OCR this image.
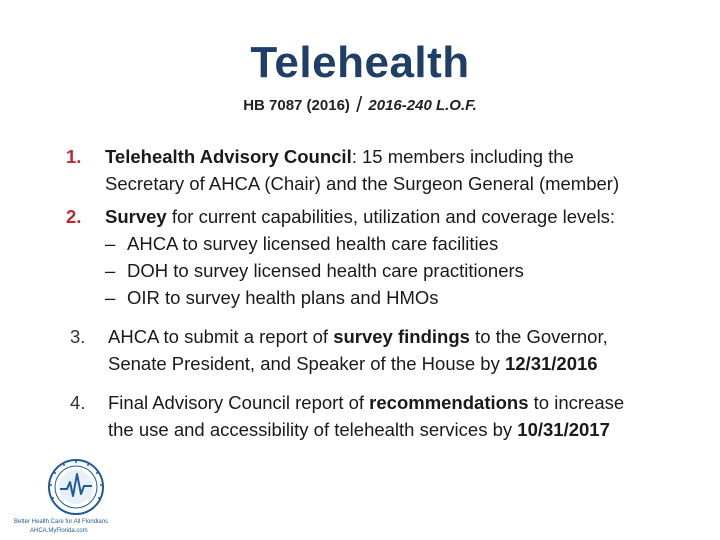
Telehealth
HB 7087 (2016) / 2016-240 L.O.F.
1. Telehealth Advisory Council: 15 members including the
Secretary of AHCA (Chair) and the Surgeon General (member)
2. Survey for current capabilities, utilization and coverage levels:
– AHCA to survey licensed health care facilities
– DOH to survey licensed health care practitioners
– OIR to survey health plans and HMOs
3. AHCA to submit a report of survey findings to the Governor,
Senate President, and Speaker of the House by 12/31/2016
4. Final Advisory Council report of recommendations to increase
the use and accessibility of telehealth services by 10/31/2017
Better Health Care for All Floridians
AHCA.MyFlorida.com
